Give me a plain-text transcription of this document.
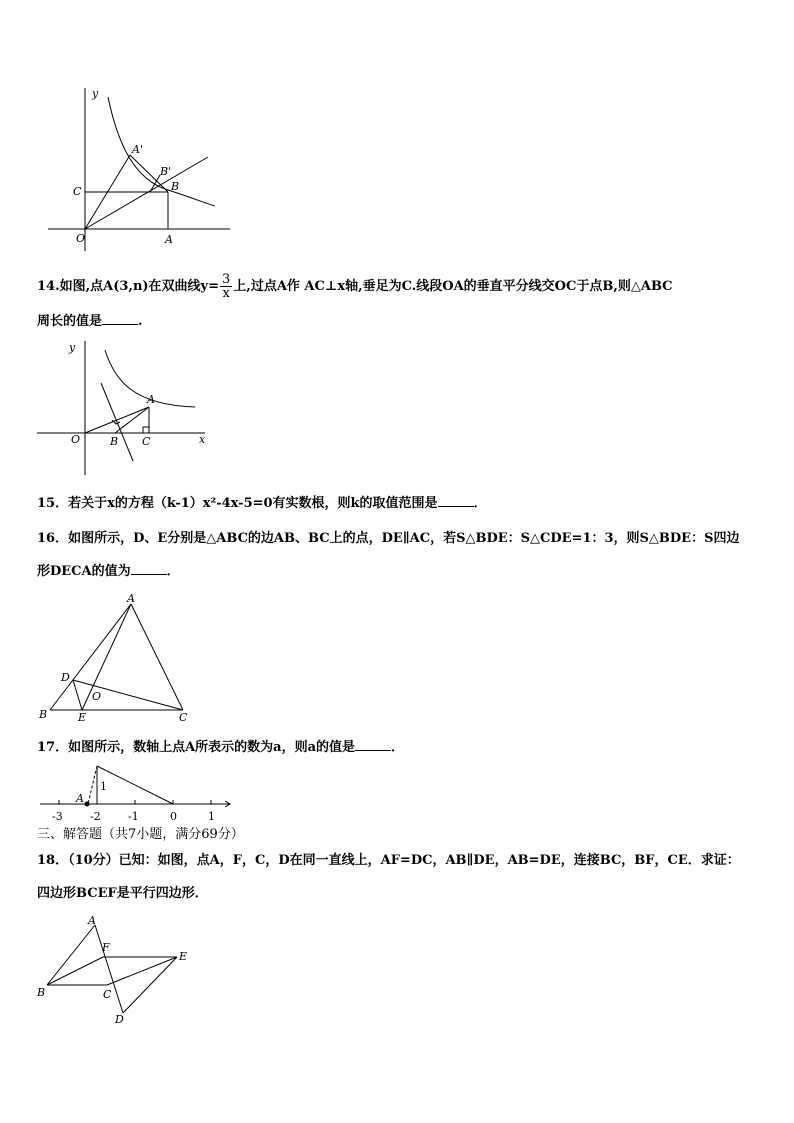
y
A'
B'
B
C
O	A
14.如图,点A(3,n)在双曲线$y= \frac{3}{x}$ 上,过点A作 AC⊥x轴,垂足为C.线段OA的垂直平分线交OC于点B,则△ABC
周长的值是	.
y
x
A
O	B C
15．若关于x的方程（k-1）x²-4x-5=0有实数根，则k的取值范围是	．
16．如图所示，D、E分别是△ABC的边AB、BC上的点，DE∥AC，若S△BDE：S△CDE=1：3，则S△BDE：S四边
形DECA的值为	．
A
D
O
B	E	C
17．如图所示，数轴上点A所表示的数为a，则a的值是	．
A
1
-3 -2 -1	0	1
三、解答题（共7小题，满分69分）
18．（10分）已知：如图，点A，F，C，D在同一直线上，AF=DC，AB∥DE，AB=DE，连接BC，BF，CE．求证：
四边形BCEF是平行四边形．
A
F
E
B	C
D
